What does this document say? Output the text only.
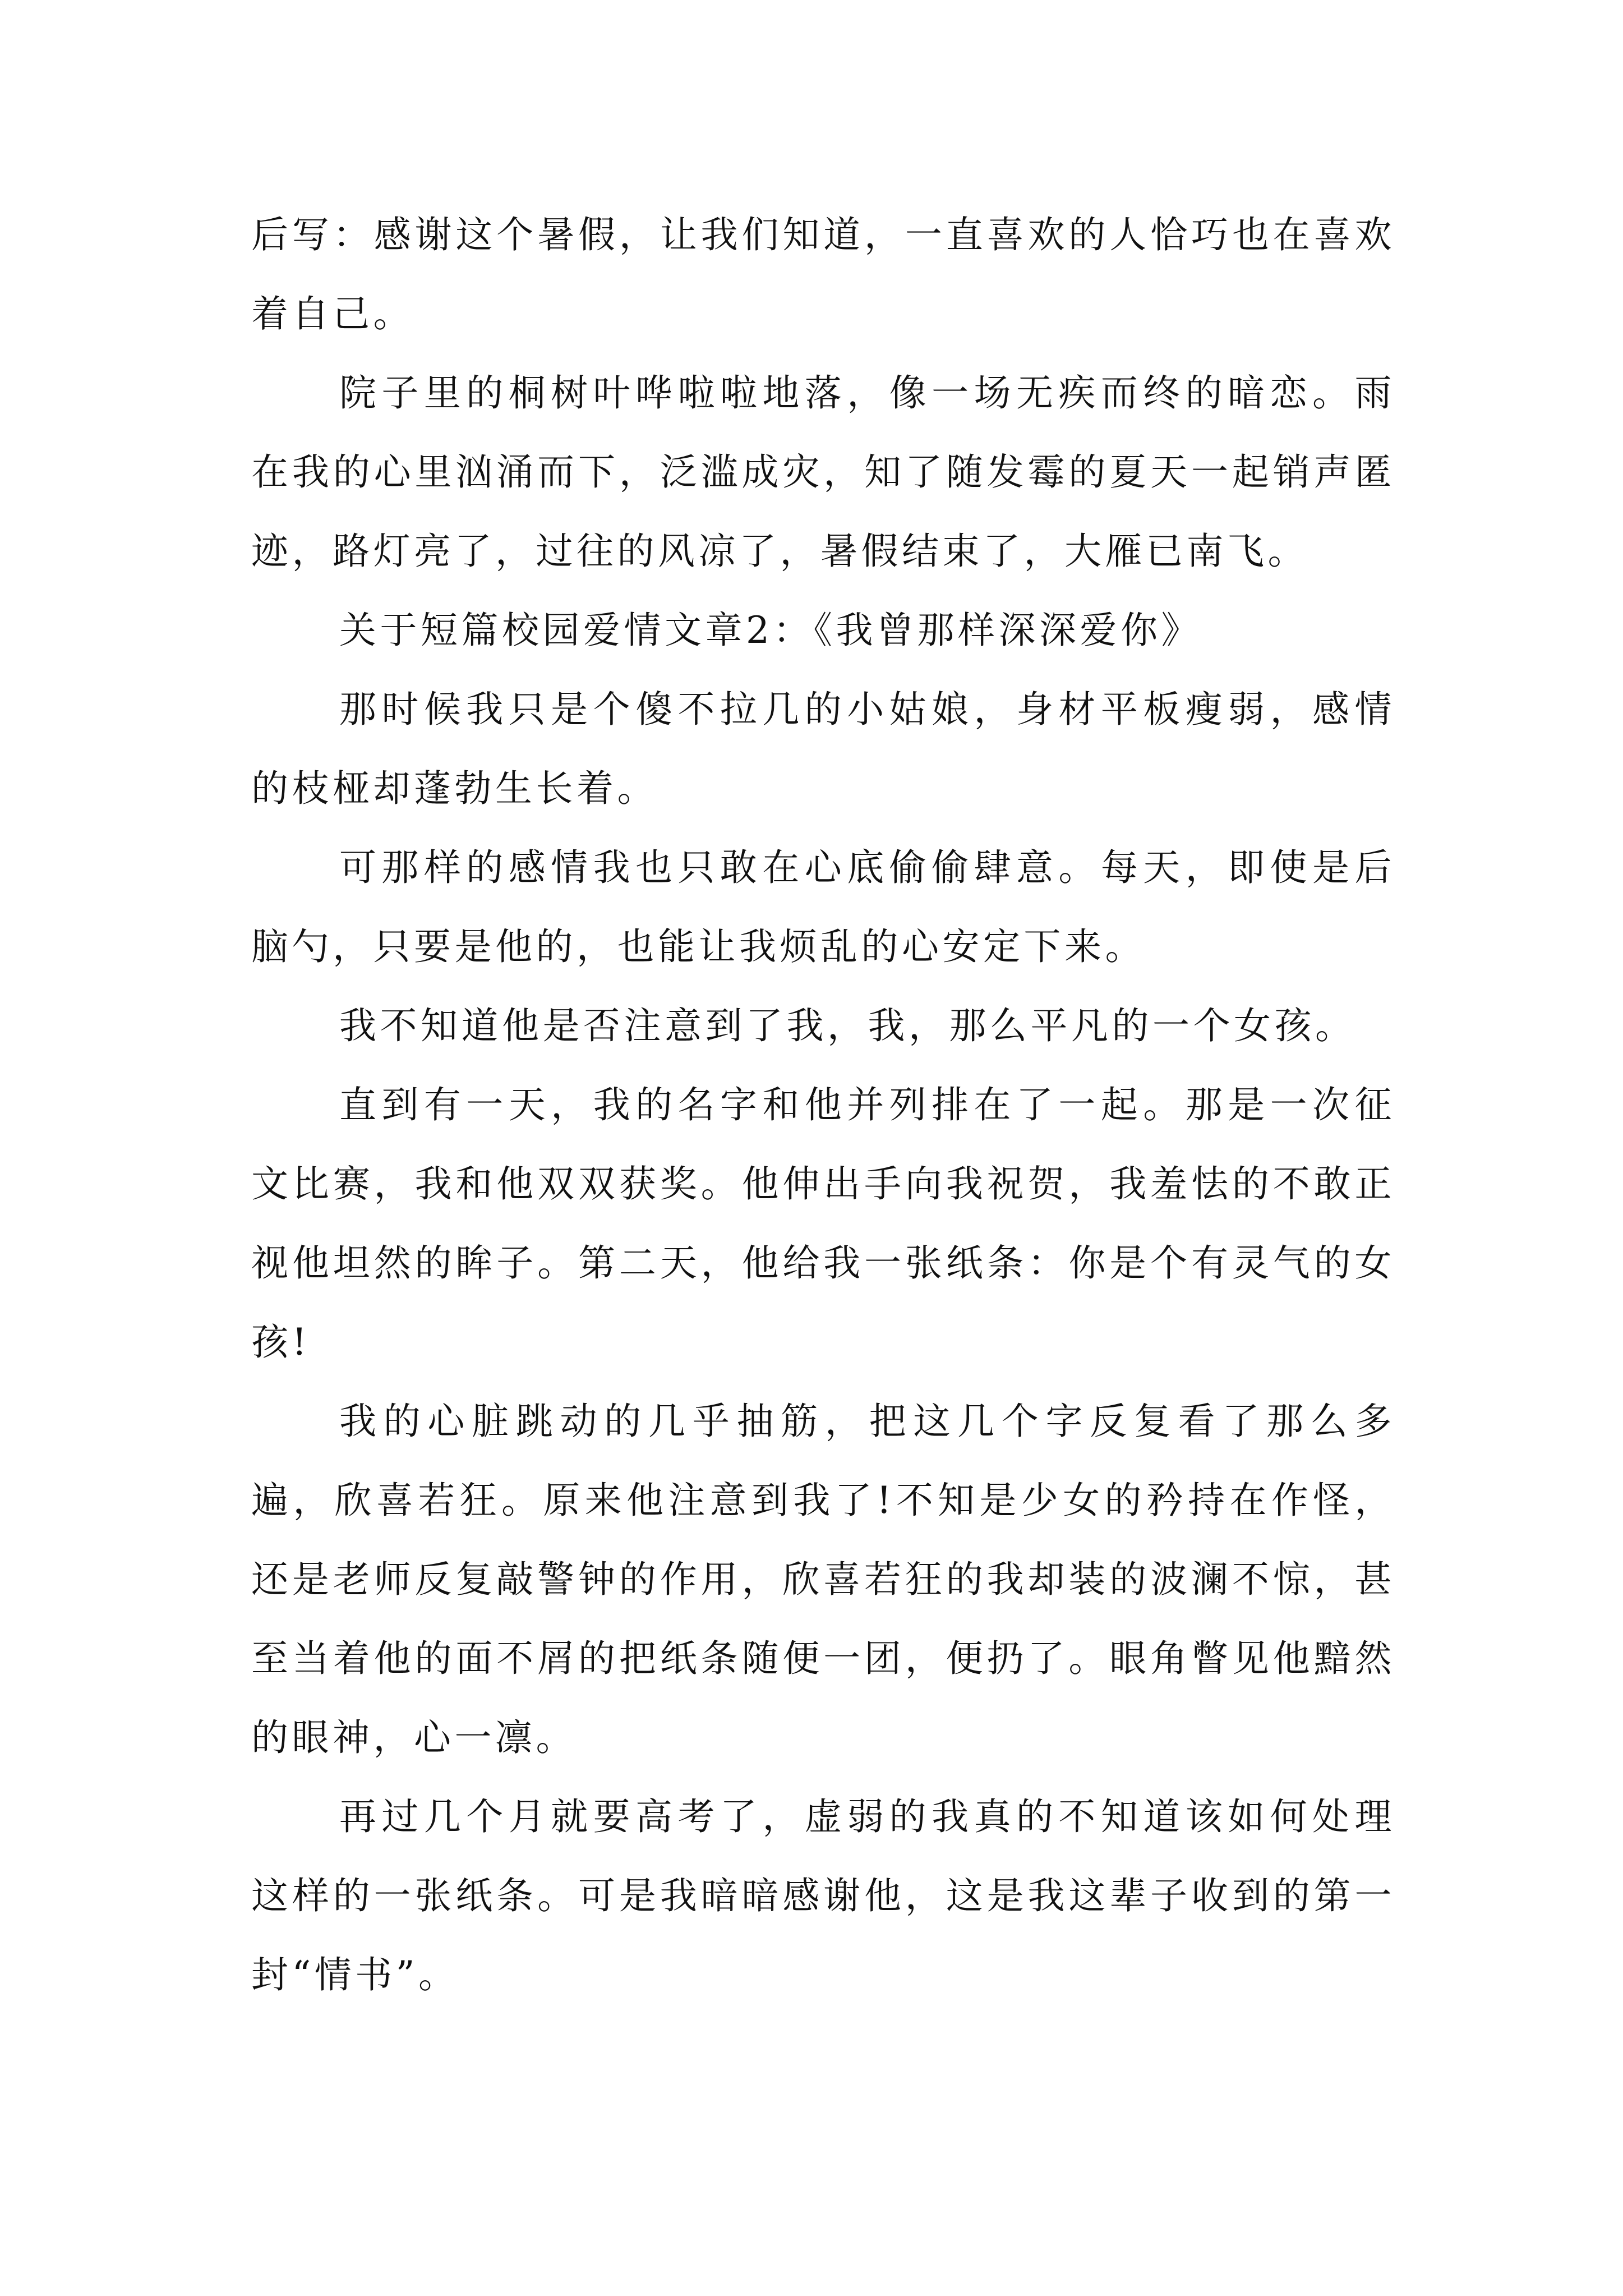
后写：感谢这个暑假，让我们知道，一直喜欢的人恰巧也在喜欢着自己。

院子里的桐树叶哗啦啦地落，像一场无疾而终的暗恋。雨在我的心里汹涌而下，泛滥成灾，知了随发霉的夏天一起销声匿迹，路灯亮了，过往的风凉了，暑假结束了，大雁已南飞。

关于短篇校园爱情文章2：《我曾那样深深爱你》

那时候我只是个傻不拉几的小姑娘，身材平板瘦弱，感情的枝桠却蓬勃生长着。

可那样的感情我也只敢在心底偷偷肆意。每天，即使是后脑勺，只要是他的，也能让我烦乱的心安定下来。

我不知道他是否注意到了我，我，那么平凡的一个女孩。

直到有一天，我的名字和他并列排在了一起。那是一次征文比赛，我和他双双获奖。他伸出手向我祝贺，我羞怯的不敢正视他坦然的眸子。第二天，他给我一张纸条：你是个有灵气的女孩!

我的心脏跳动的几乎抽筋，把这几个字反复看了那么多遍，欣喜若狂。原来他注意到我了!不知是少女的矜持在作怪，还是老师反复敲警钟的作用，欣喜若狂的我却装的波澜不惊，甚至当着他的面不屑的把纸条随便一团，便扔了。眼角瞥见他黯然的眼神，心一凛。

再过几个月就要高考了，虚弱的我真的不知道该如何处理这样的一张纸条。可是我暗暗感谢他，这是我这辈子收到的第一封“情书”。
